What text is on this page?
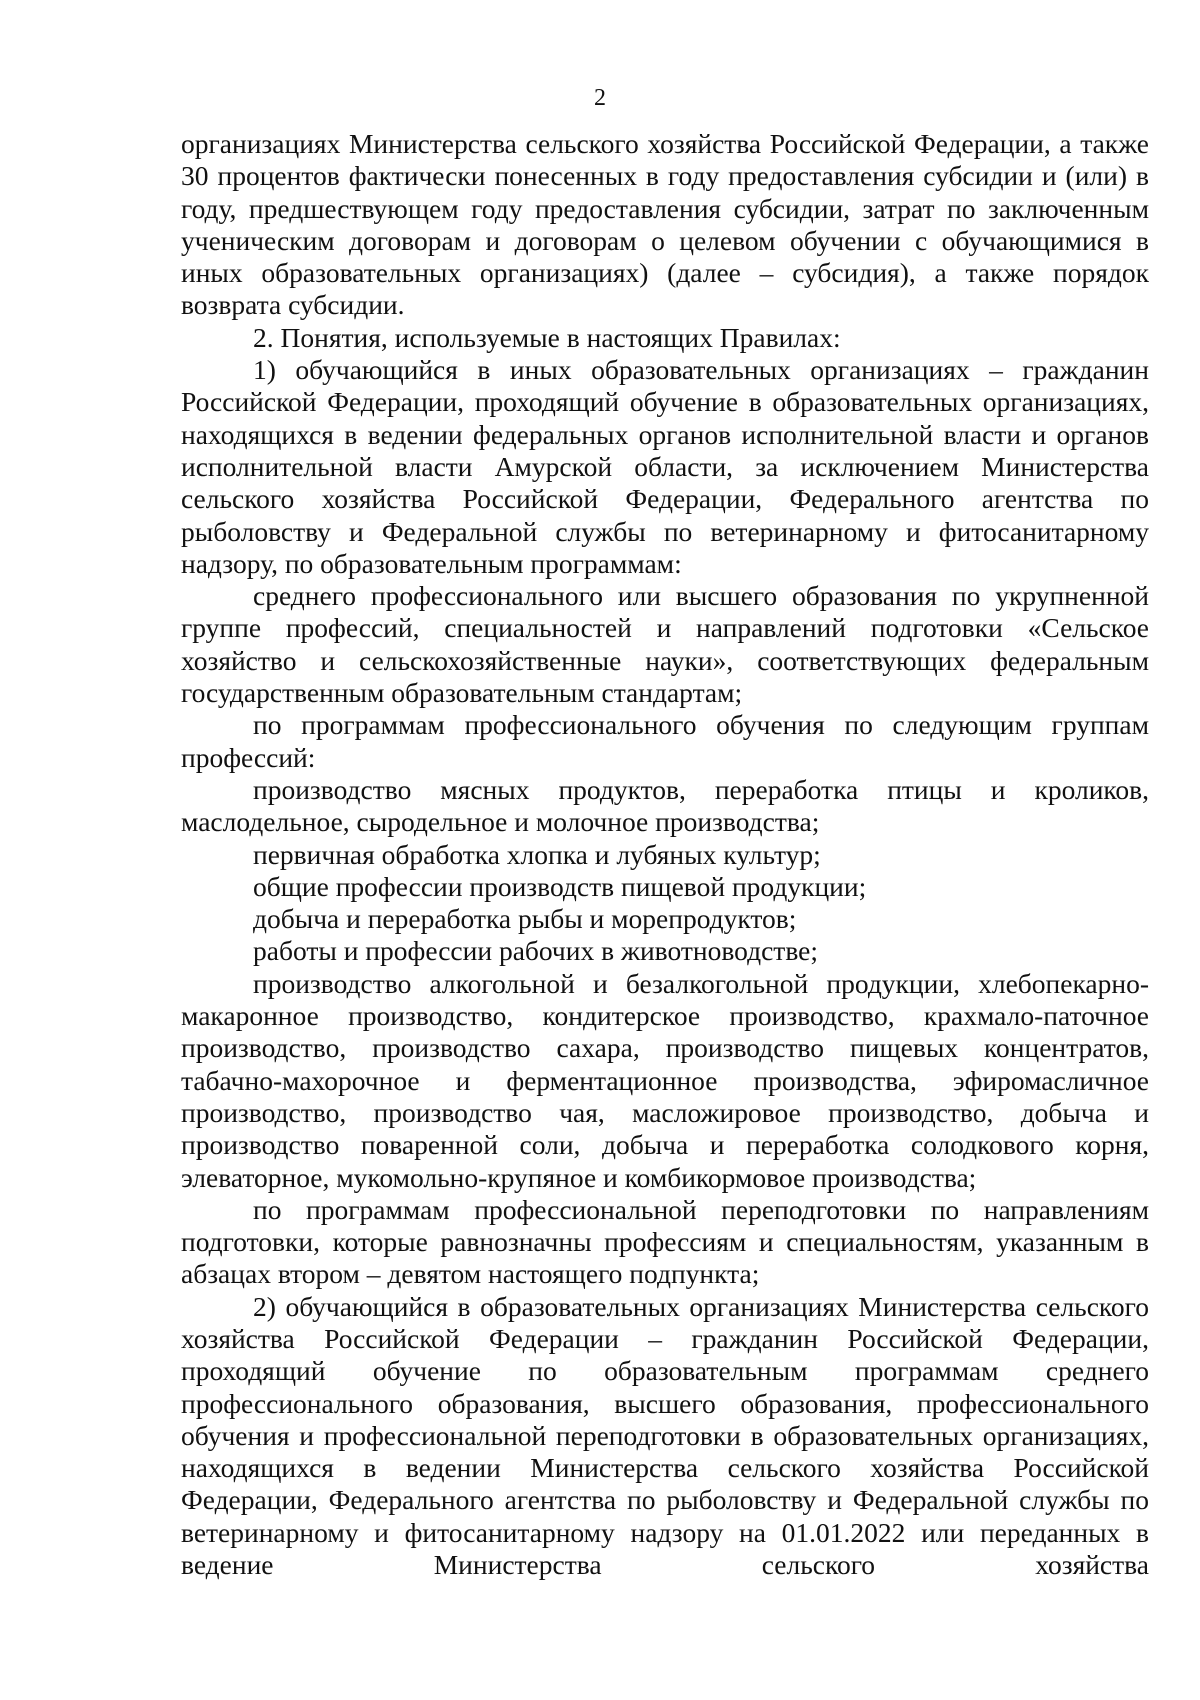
2

организациях Министерства сельского хозяйства Российской Федерации, а также 30 процентов фактически понесенных в году предоставления субсидии и (или) в году, предшествующем году предоставления субсидии, затрат по заключенным ученическим договорам и договорам о целевом обучении с обучающимися в иных образовательных организациях) (далее – субсидия), а также порядок возврата субсидии.

2. Понятия, используемые в настоящих Правилах:

1) обучающийся в иных образовательных организациях – гражданин Российской Федерации, проходящий обучение в образовательных организациях, находящихся в ведении федеральных органов исполнительной власти и органов исполнительной власти Амурской области, за исключением Министерства сельского хозяйства Российской Федерации, Федерального агентства по рыболовству и Федеральной службы по ветеринарному и фитосанитарному надзору, по образовательным программам:

среднего профессионального или высшего образования по укрупненной группе профессий, специальностей и направлений подготовки «Сельское хозяйство и сельскохозяйственные науки», соответствующих федеральным государственным образовательным стандартам;

по программам профессионального обучения по следующим группам профессий:

производство мясных продуктов, переработка птицы и кроликов, маслодельное, сыродельное и молочное производства;

первичная обработка хлопка и лубяных культур;

общие профессии производств пищевой продукции;

добыча и переработка рыбы и морепродуктов;

работы и профессии рабочих в животноводстве;

производство алкогольной и безалкогольной продукции, хлебопекарно-макаронное производство, кондитерское производство, крахмало-паточное производство, производство сахара, производство пищевых концентратов, табачно-махорочное и ферментационное производства, эфиромасличное производство, производство чая, масложировое производство, добыча и производство поваренной соли, добыча и переработка солодкового корня, элеваторное, мукомольно-крупяное и комбикормовое производства;

по программам профессиональной переподготовки по направлениям подготовки, которые равнозначны профессиям и специальностям, указанным в абзацах втором – девятом настоящего подпункта;

2) обучающийся в образовательных организациях Министерства сельского хозяйства Российской Федерации – гражданин Российской Федерации, проходящий обучение по образовательным программам среднего профессионального образования, высшего образования, профессионального обучения и профессиональной переподготовки в образовательных организациях, находящихся в ведении Министерства сельского хозяйства Российской Федерации, Федерального агентства по рыболовству и Федеральной службы по ветеринарному и фитосанитарному надзору на 01.01.2022 или переданных в ведение Министерства сельского хозяйства
